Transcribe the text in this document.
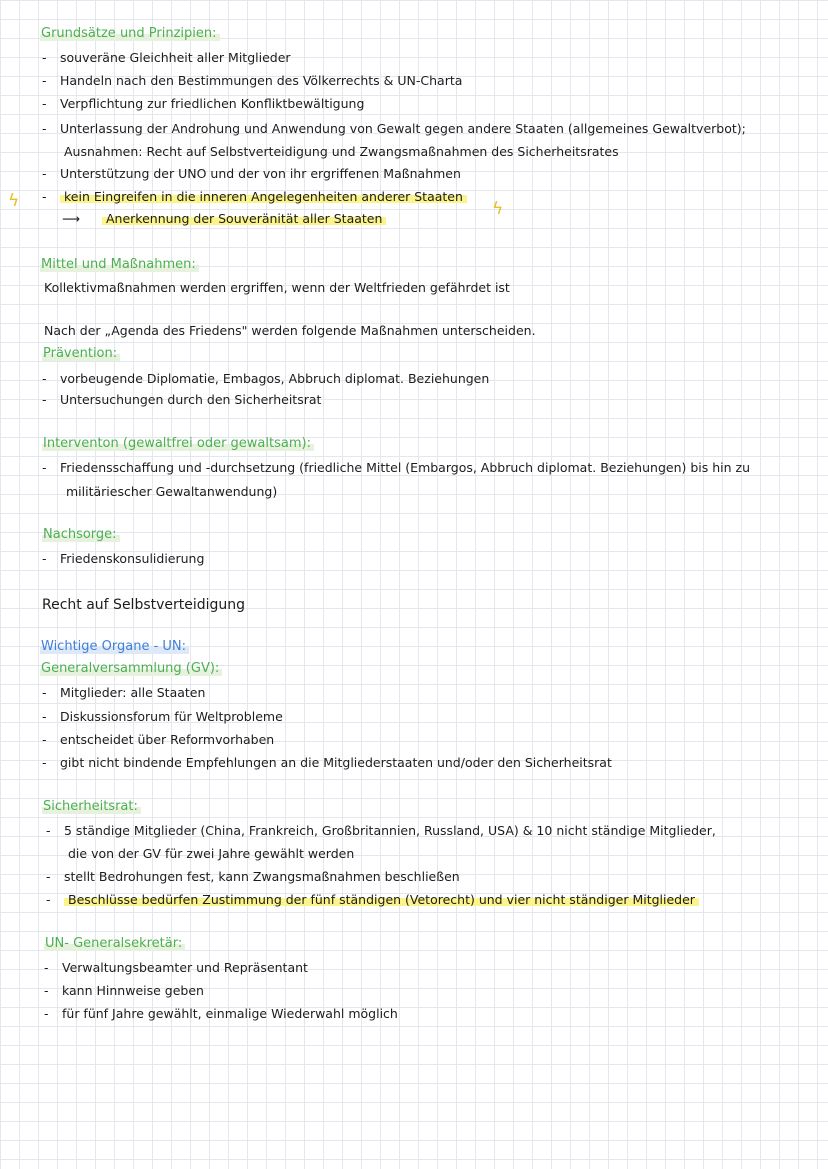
Grundsätze und Prinzipien:
- souveräne Gleichheit aller Mitglieder
- Handeln nach den Bestimmungen des Völkerrechts & UN-Charta
- Verpflichtung zur friedlichen Konfliktbewältigung
- Unterlassung der Androhung und Anwendung von Gewalt gegen andere Staaten (allgemeines Gewaltverbot);
Ausnahmen: Recht auf Selbstverteidigung und Zwangsmaßnahmen des Sicherheitsrates
- Unterstützung der UNO und der von ihr ergriffenen Maßnahmen
ϟ - kein Eingreifen in die inneren Angelegenheiten anderer Staaten
ϟ
⟶ Anerkennung der Souveränität aller Staaten
Mittel und Maßnahmen:
Kollektivmaßnahmen werden ergriffen, wenn der Weltfrieden gefährdet ist
Nach der „Agenda des Friedens" werden folgende Maßnahmen unterscheiden.
Prävention:
- vorbeugende Diplomatie, Embagos, Abbruch diplomat. Beziehungen
- Untersuchungen durch den Sicherheitsrat
Interventon (gewaltfrei oder gewaltsam):
- Friedensschaffung und -durchsetzung (friedliche Mittel (Embargos, Abbruch diplomat. Beziehungen) bis hin zu
militäriescher Gewaltanwendung)
Nachsorge:
- Friedenskonsulidierung
Recht auf Selbstverteidigung
Wichtige Organe - UN:
Generalversammlung (GV):
- Mitglieder: alle Staaten
- Diskussionsforum für Weltprobleme
- entscheidet über Reformvorhaben
- gibt nicht bindende Empfehlungen an die Mitgliederstaaten und/oder den Sicherheitsrat
Sicherheitsrat:
- 5 ständige Mitglieder (China, Frankreich, Großbritannien, Russland, USA) & 10 nicht ständige Mitglieder,
die von der GV für zwei Jahre gewählt werden
- stellt Bedrohungen fest, kann Zwangsmaßnahmen beschließen
- Beschlüsse bedürfen Zustimmung der fünf ständigen (Vetorecht) und vier nicht ständiger Mitglieder
UN- Generalsekretär:
- Verwaltungsbeamter und Repräsentant
- kann Hinnweise geben
- für fünf Jahre gewählt, einmalige Wiederwahl möglich
